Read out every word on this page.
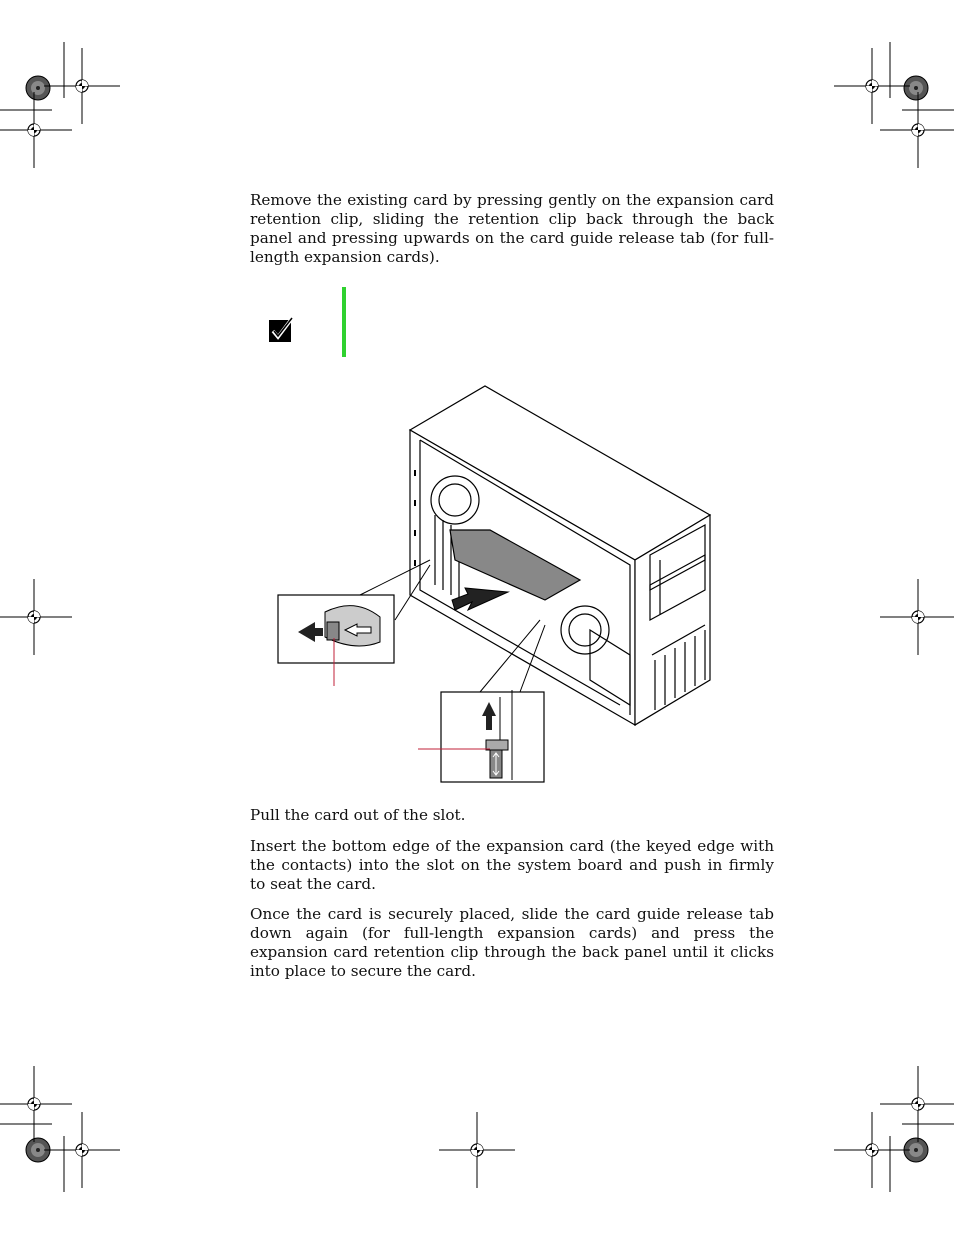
Remove the existing card by pressing gently on the expansion card retention clip, sliding the retention clip back through the back panel and pressing upwards on the card guide release tab (for full-length expansion cards).

Pull the card out of the slot.

Insert the bottom edge of the expansion card (the keyed edge with the contacts) into the slot on the system board and push in firmly to seat the card.

Once the card is securely placed, slide the card guide release tab down again (for full-length expansion cards) and press the expansion card retention clip through the back panel until it clicks into place to secure the card.
